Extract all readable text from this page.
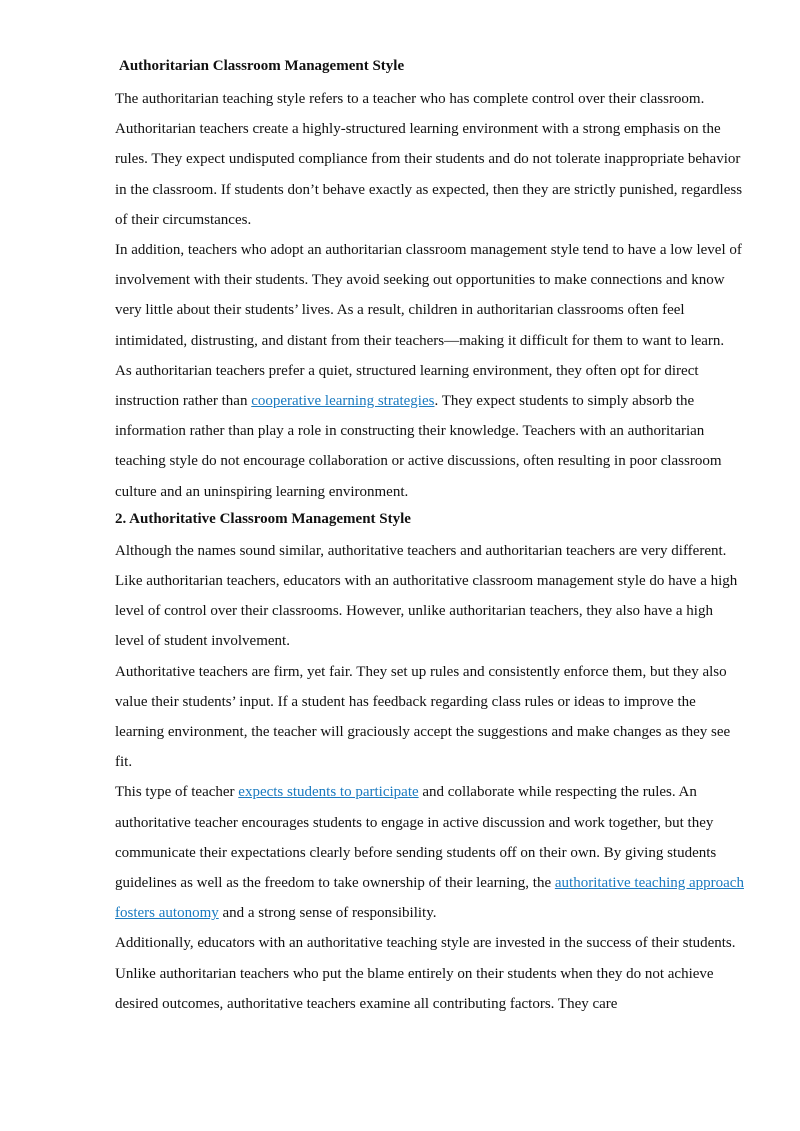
Authoritarian Classroom Management Style

The authoritarian teaching style refers to a teacher who has complete control over their classroom. Authoritarian teachers create a highly-structured learning environment with a strong emphasis on the rules. They expect undisputed compliance from their students and do not tolerate inappropriate behavior in the classroom. If students don’t behave exactly as expected, then they are strictly punished, regardless of their circumstances.

In addition, teachers who adopt an authoritarian classroom management style tend to have a low level of involvement with their students. They avoid seeking out opportunities to make connections and know very little about their students’ lives. As a result, children in authoritarian classrooms often feel intimidated, distrusting, and distant from their teachers—making it difficult for them to want to learn.

As authoritarian teachers prefer a quiet, structured learning environment, they often opt for direct instruction rather than cooperative learning strategies. They expect students to simply absorb the information rather than play a role in constructing their knowledge. Teachers with an authoritarian teaching style do not encourage collaboration or active discussions, often resulting in poor classroom culture and an uninspiring learning environment.

2. Authoritative Classroom Management Style

Although the names sound similar, authoritative teachers and authoritarian teachers are very different. Like authoritarian teachers, educators with an authoritative classroom management style do have a high level of control over their classrooms. However, unlike authoritarian teachers, they also have a high level of student involvement.

Authoritative teachers are firm, yet fair. They set up rules and consistently enforce them, but they also value their students’ input. If a student has feedback regarding class rules or ideas to improve the learning environment, the teacher will graciously accept the suggestions and make changes as they see fit.

This type of teacher expects students to participate and collaborate while respecting the rules. An authoritative teacher encourages students to engage in active discussion and work together, but they communicate their expectations clearly before sending students off on their own. By giving students guidelines as well as the freedom to take ownership of their learning, the authoritative teaching approach fosters autonomy and a strong sense of responsibility.

Additionally, educators with an authoritative teaching style are invested in the success of their students. Unlike authoritarian teachers who put the blame entirely on their students when they do not achieve desired outcomes, authoritative teachers examine all contributing factors. They care
